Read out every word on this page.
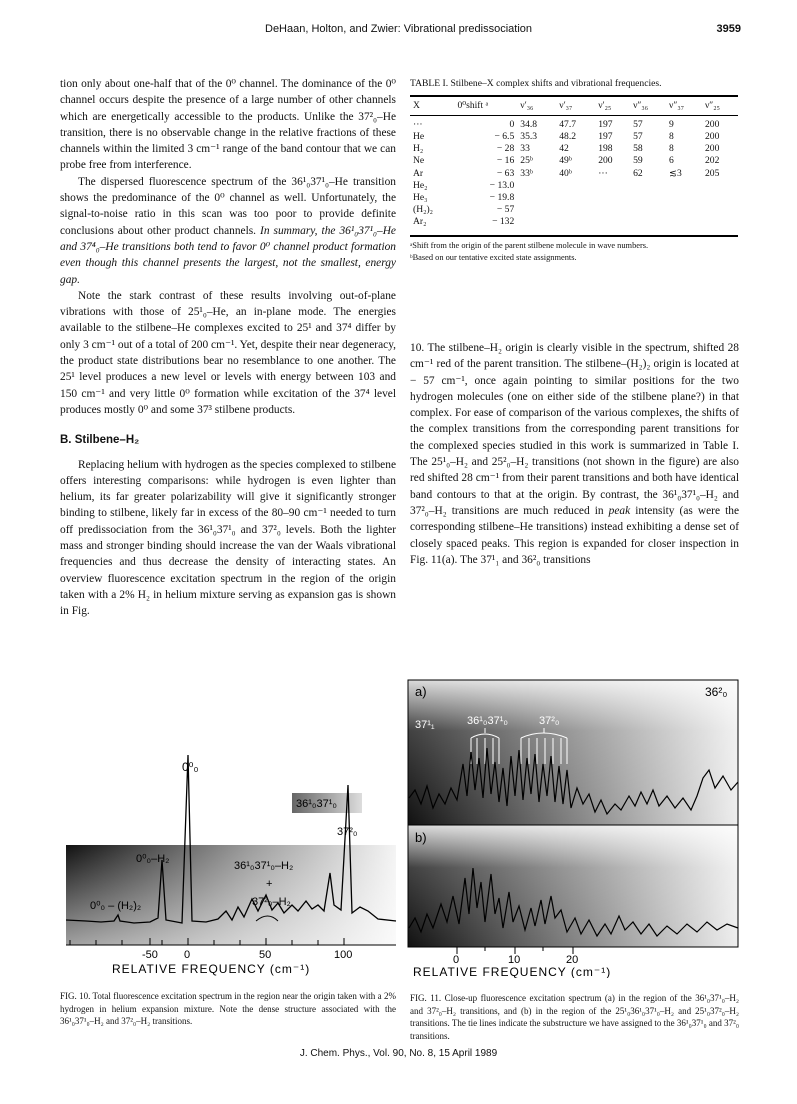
DeHaan, Holton, and Zwier: Vibrational predissociation	3959

tion only about one-half that of the 0⁰ channel. The dominance of the 0⁰ channel occurs despite the presence of a large number of other channels which are energetically accessible to the products. Unlike the 37²₀–He transition, there is no observable change in the relative fractions of these channels within the limited 3 cm⁻¹ range of the band contour that we can probe free from interference.

The dispersed fluorescence spectrum of the 36¹₀37¹₀–He transition shows the predominance of the 0⁰ channel as well. Unfortunately, the signal-to-noise ratio in this scan was too poor to provide definite conclusions about other product channels. In summary, the 36¹₀37¹₀–He and 37⁴₀–He transitions both tend to favor 0⁰ channel product formation even though this channel presents the largest, not the smallest, energy gap.

Note the stark contrast of these results involving out-of-plane vibrations with those of 25¹₀–He, an in-plane mode. The energies available to the stilbene–He complexes excited to 25¹ and 37⁴ differ by only 3 cm⁻¹ out of a total of 200 cm⁻¹. Yet, despite their near degeneracy, the product state distributions bear no resemblance to one another. The 25¹ level produces a new level or levels with energy between 103 and 150 cm⁻¹ and very little 0⁰ formation while excitation of the 37⁴ level produces mostly 0⁰ and some 37³ stilbene products.

B. Stilbene–H₂

Replacing helium with hydrogen as the species complexed to stilbene offers interesting comparisons: while hydrogen is even lighter than helium, its far greater polarizability will give it significantly stronger binding to stilbene, likely far in excess of the 80–90 cm⁻¹ needed to turn off predissociation from the 36¹₀37¹₀ and 37²₀ levels. Both the lighter mass and stronger binding should increase the van der Waals vibrational frequencies and thus decrease the density of interacting states. An overview fluorescence excitation spectrum in the region of the origin taken with a 2% H₂ in helium mixture serving as expansion gas is shown in Fig.

TABLE I. Stilbene–X complex shifts and vibrational frequencies.
X	0⁰shift ᵃ	ν′₃₆	ν′₃₇	ν′₂₅	ν″₃₆	ν″₃₇	ν″₂₅
···	0	34.8	47.7	197	57	9	200
He	− 6.5	35.3	48.2	197	57	8	200
H₂	− 28	33	42	198	58	8	200
Ne	− 16	25ᵇ	49ᵇ	200	59	6	202
Ar	− 63	33ᵇ	40ᵇ	···	62	≲3	205
He₂	− 13.0						
He₃	− 19.8						
(H₂)₂	− 57						
Ar₂	− 132						
ᵃShift from the origin of the parent stilbene molecule in wave numbers.
ᵇBased on our tentative excited state assignments.

10. The stilbene–H₂ origin is clearly visible in the spectrum, shifted 28 cm⁻¹ red of the parent transition. The stilbene–(H₂)₂ origin is located at − 57 cm⁻¹, once again pointing to similar positions for the two hydrogen molecules (one on either side of the stilbene plane?) in that complex. For ease of comparison of the various complexes, the shifts of the complex transitions from the corresponding parent transitions for the complexed species studied in this work is summarized in Table I. The 25¹₀–H₂ and 25²₀–H₂ transitions (not shown in the figure) are also red shifted 28 cm⁻¹ from their parent transitions and both have identical band contours to that at the origin. By contrast, the 36¹₀37¹₀–H₂ and 37²₀–H₂ transitions are much reduced in peak intensity (as were the corresponding stilbene–He transitions) instead exhibiting a dense set of closely spaced peaks. This region is expanded for closer inspection in Fig. 11(a). The 37¹₁ and 36²₀ transitions

0⁰₀
36¹₀37¹₀
37²₀
0⁰₀–H₂
36¹₀37¹₀–H₂
+
37²₀–H₂
0⁰₀ – (H₂)₂
-50 0	50	100
RELATIVE FREQUENCY (cm⁻¹)
FIG. 10. Total fluorescence excitation spectrum in the region near the origin taken with a 2% hydrogen in helium expansion mixture. Note the dense structure associated with the 36¹₀37¹₀–H₂ and 37²₀–H₂ transitions.
a)	36²₀
37¹₁	36¹₀37¹₀	37²₀
b)
0	10	20
RELATIVE FREQUENCY (cm⁻¹)
FIG. 11. Close-up fluorescence excitation spectrum (a) in the region of the 36¹₀37¹₀–H₂ and 37²₀–H₂ transitions, and (b) in the region of the 25¹₀36¹₀37¹₀–H₂ and 25¹₀37²₀–H₂ transitions. The tie lines indicate the substructure we have assigned to the 36¹₀37¹₀ and 37²₀ transitions.
J. Chem. Phys., Vol. 90, No. 8, 15 April 1989
